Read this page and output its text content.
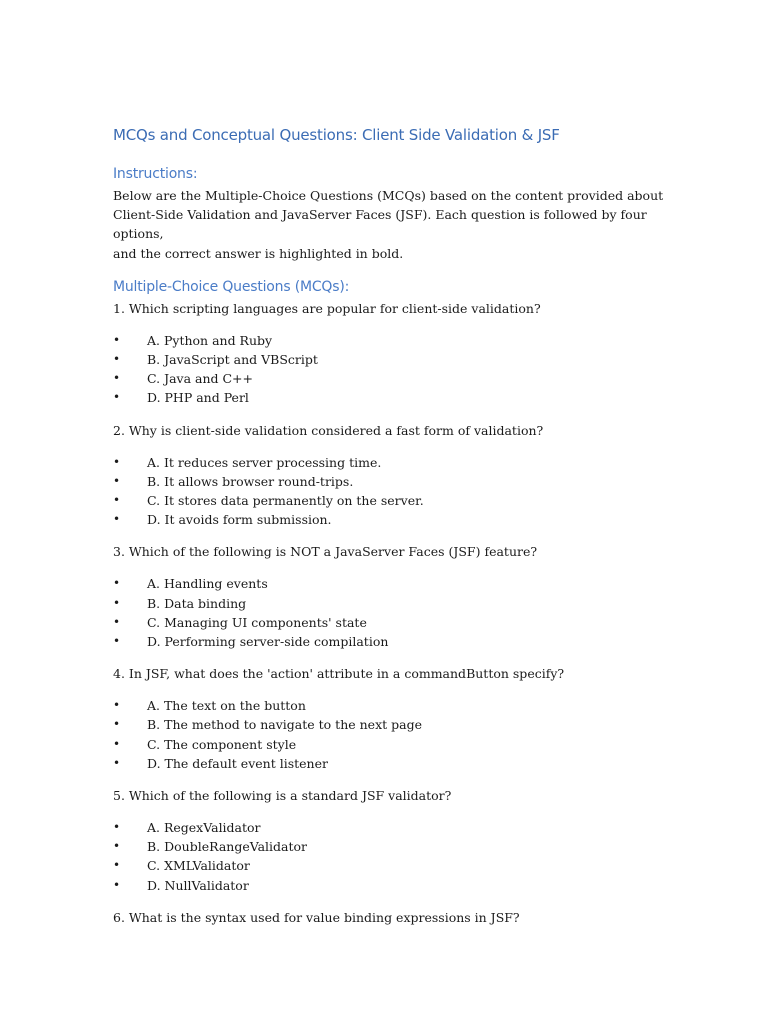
MCQs and Conceptual Questions: Client Side Validation & JSF
Instructions:

Below are the Multiple-Choice Questions (MCQs) based on the content provided about
Client-Side Validation and JavaServer Faces (JSF). Each question is followed by four options,
and the correct answer is highlighted in bold.

Multiple-Choice Questions (MCQs):

1. Which scripting languages are popular for client-side validation?

• A. Python and Ruby
• B. JavaScript and VBScript
• C. Java and C++
• D. PHP and Perl

2. Why is client-side validation considered a fast form of validation?

• A. It reduces server processing time.
• B. It allows browser round-trips.
• C. It stores data permanently on the server.
• D. It avoids form submission.

3. Which of the following is NOT a JavaServer Faces (JSF) feature?

• A. Handling events
• B. Data binding
• C. Managing UI components' state
• D. Performing server-side compilation

4. In JSF, what does the 'action' attribute in a commandButton specify?

• A. The text on the button
• B. The method to navigate to the next page
• C. The component style
• D. The default event listener

5. Which of the following is a standard JSF validator?

• A. RegexValidator
• B. DoubleRangeValidator
• C. XMLValidator
• D. NullValidator

6. What is the syntax used for value binding expressions in JSF?
